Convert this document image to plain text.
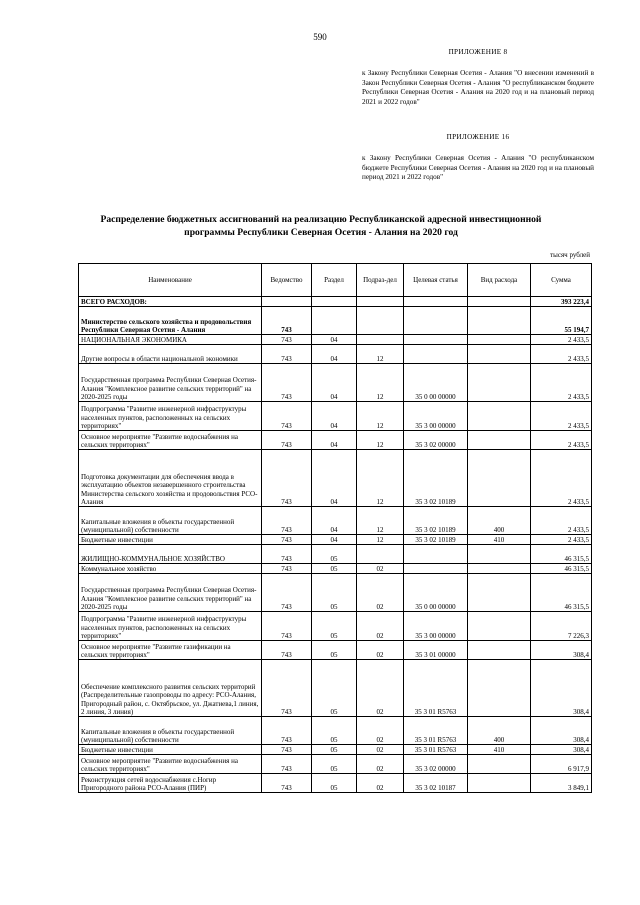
590
ПРИЛОЖЕНИЕ 8
к Закону Республики Северная Осетия - Алания "О внесении изменений в Закон Республики Северная Осетия - Алания "О республиканском бюджете Республики Северная Осетия - Алания на 2020 год и на плановый период 2021 и 2022 годов"
ПРИЛОЖЕНИЕ 16
к Закону Республики Северная Осетия - Алания "О республиканском бюджете Республики Северная Осетия - Алания на 2020 год и на плановый период 2021 и 2022 годов"
Распределение бюджетных ассигнований на реализацию Республиканской адресной инвестиционной программы Республики Северная Осетия - Алания на 2020 год
тысяч рублей
Наименование	Ведомство	Раздел	Подраз-дел	Целевая статья	Вид расхода	Сумма
ВСЕГО РАСХОДОВ:						393 223,4
Министерство сельского хозяйства и продовольствия Республики Северная Осетия - Алания	743					55 194,7
НАЦИОНАЛЬНАЯ ЭКОНОМИКА	743	04				2 433,5
Другие вопросы в области национальной экономики	743	04	12			2 433,5
Государственная программа Республики Северная Осетия-Алания "Комплексное развитие сельских территорий" на 2020-2025 годы	743	04	12	35 0 00 00000		2 433,5
Подпрограмма "Развитие инженерной инфраструктуры населенных пунктов, расположенных на сельских территориях"	743	04	12	35 3 00 00000		2 433,5
Основное мероприятие "Развитие водоснабжения на сельских территориях"	743	04	12	35 3 02 00000		2 433,5
Подготовка документации для обеспечения ввода в эксплуатацию объектов незавершенного строительства Министерства сельского хозяйства и продовольствия РСО-Алания	743	04	12	35 3 02 10189		2 433,5
Капитальные вложения в объекты государственной (муниципальной) собственности	743	04	12	35 3 02 10189	400	2 433,5
Бюджетные инвестиции	743	04	12	35 3 02 10189	410	2 433,5
ЖИЛИЩНО-КОММУНАЛЬНОЕ ХОЗЯЙСТВО	743	05				46 315,5
Коммунальное хозяйство	743	05	02			46 315,5
Государственная программа Республики Северная Осетия-Алания "Комплексное развитие сельских территорий" на 2020-2025 годы	743	05	02	35 0 00 00000		46 315,5
Подпрограмма "Развитие инженерной инфраструктуры населенных пунктов, расположенных на сельских территориях"	743	05	02	35 3 00 00000		7 226,3
Основное мероприятие "Развитие газификации на сельских территориях"	743	05	02	35 3 01 00000		308,4
Обеспечение комплексного развития сельских территорий (Распределительные газопроводы по адресу: РСО-Алания, Пригородный район, с. Октябрьское, ул. Джатиева,1 линия, 2 линия, 3 линия)	743	05	02	35 3 01 R5763		308,4
Капитальные вложения в объекты государственной (муниципальной) собственности	743	05	02	35 3 01 R5763	400	308,4
Бюджетные инвестиции	743	05	02	35 3 01 R5763	410	308,4
Основное мероприятие "Развитие водоснабжения на сельских территориях"	743	05	02	35 3 02 00000		6 917,9
Реконструкция сетей водоснабжения с.Ногир Пригородного района РСО-Алания (ПИР)	743	05	02	35 3 02 10187		3 849,1
